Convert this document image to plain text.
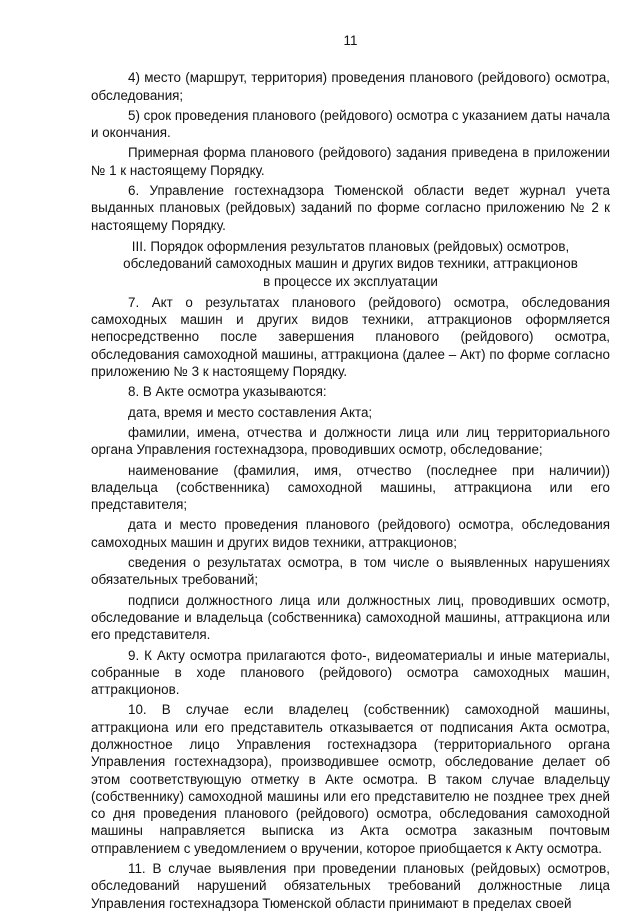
11

4) место (маршрут, территория) проведения планового (рейдового) осмотра, обследования;

5) срок проведения планового (рейдового) осмотра с указанием даты начала и окончания.

Примерная форма планового (рейдового) задания приведена в приложении № 1 к настоящему Порядку.

6. Управление гостехнадзора Тюменской области ведет журнал учета выданных плановых (рейдовых) заданий по форме согласно приложению № 2 к настоящему Порядку.

III. Порядок оформления результатов плановых (рейдовых) осмотров,
обследований самоходных машин и других видов техники, аттракционов
в процессе их эксплуатации

7. Акт о результатах планового (рейдового) осмотра, обследования самоходных машин и других видов техники, аттракционов оформляется непосредственно после завершения планового (рейдового) осмотра, обследования самоходной машины, аттракциона (далее – Акт) по форме согласно приложению № 3 к настоящему Порядку.

8. В Акте осмотра указываются:

дата, время и место составления Акта;

фамилии, имена, отчества и должности лица или лиц территориального органа Управления гостехнадзора, проводивших осмотр, обследование;

наименование (фамилия, имя, отчество (последнее при наличии)) владельца (собственника) самоходной машины, аттракциона или его представителя;

дата и место проведения планового (рейдового) осмотра, обследования самоходных машин и других видов техники, аттракционов;

сведения о результатах осмотра, в том числе о выявленных нарушениях обязательных требований;

подписи должностного лица или должностных лиц, проводивших осмотр, обследование и владельца (собственника) самоходной машины, аттракциона или его представителя.

9. К Акту осмотра прилагаются фото-, видеоматериалы и иные материалы, собранные в ходе планового (рейдового) осмотра самоходных машин, аттракционов.

10. В случае если владелец (собственник) самоходной машины, аттракциона или его представитель отказывается от подписания Акта осмотра, должностное лицо Управления гостехнадзора (территориального органа Управления гостехнадзора), производившее осмотр, обследование делает об этом соответствующую отметку в Акте осмотра. В таком случае владельцу (собственнику) самоходной машины или его представителю не позднее трех дней со дня проведения планового (рейдового) осмотра, обследования самоходной машины направляется выписка из Акта осмотра заказным почтовым отправлением с уведомлением о вручении, которое приобщается к Акту осмотра.

11. В случае выявления при проведении плановых (рейдовых) осмотров, обследований нарушений обязательных требований должностные лица Управления гостехнадзора Тюменской области принимают в пределах своей
